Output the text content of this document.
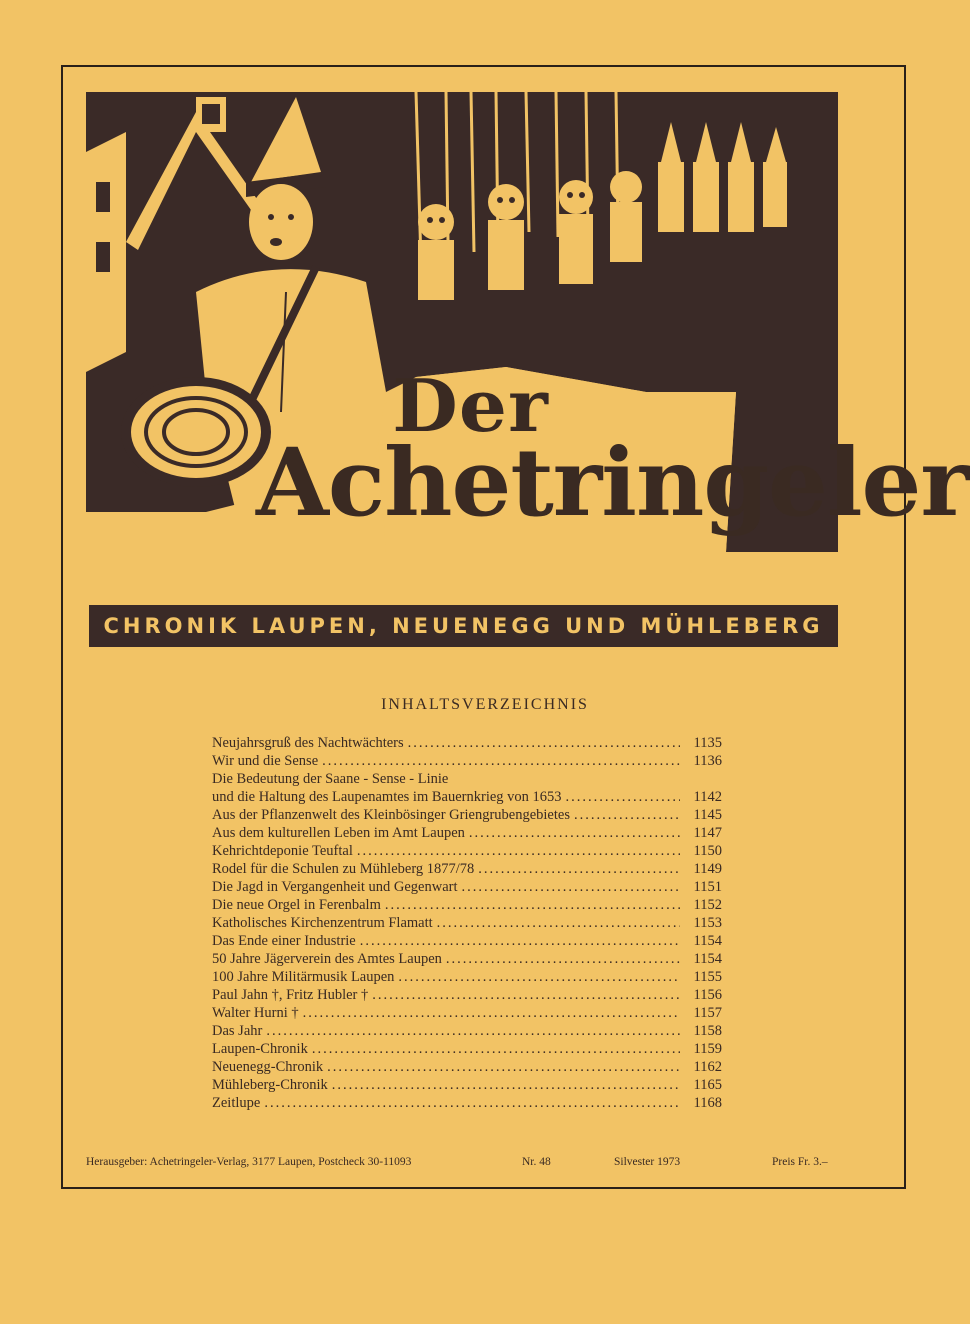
Der
Achetringeler
CHRONIK LAUPEN, NEUENEGG UND MÜHLEBERG
INHALTSVERZEICHNIS
Neujahrsgruß des Nachtwächters .....	1135
Wir und die Sense .....	1136
Die Bedeutung der Saane - Sense - Linie
und die Haltung des Laupenamtes im Bauernkrieg von 1653 .....	1142
Aus der Pflanzenwelt des Kleinbösinger Griengrubengebietes .....	1145
Aus dem kulturellen Leben im Amt Laupen .....	1147
Kehrichtdeponie Teuftal .....	1150
Rodel für die Schulen zu Mühleberg 1877/78 .....	1149
Die Jagd in Vergangenheit und Gegenwart .....	1151
Die neue Orgel in Ferenbalm .....	1152
Katholisches Kirchenzentrum Flamatt .....	1153
Das Ende einer Industrie .....	1154
50 Jahre Jägerverein des Amtes Laupen .....	1154
100 Jahre Militärmusik Laupen .....	1155
Paul Jahn †, Fritz Hubler † .....	1156
Walter Hurni † .....	1157
Das Jahr .....	1158
Laupen-Chronik .....	1159
Neuenegg-Chronik .....	1162
Mühleberg-Chronik .....	1165
Zeitlupe .....	1168
Herausgeber: Achetringeler-Verlag, 3177 Laupen, Postcheck 30-11093	Nr. 48	Silvester 1973	Preis Fr. 3.–
